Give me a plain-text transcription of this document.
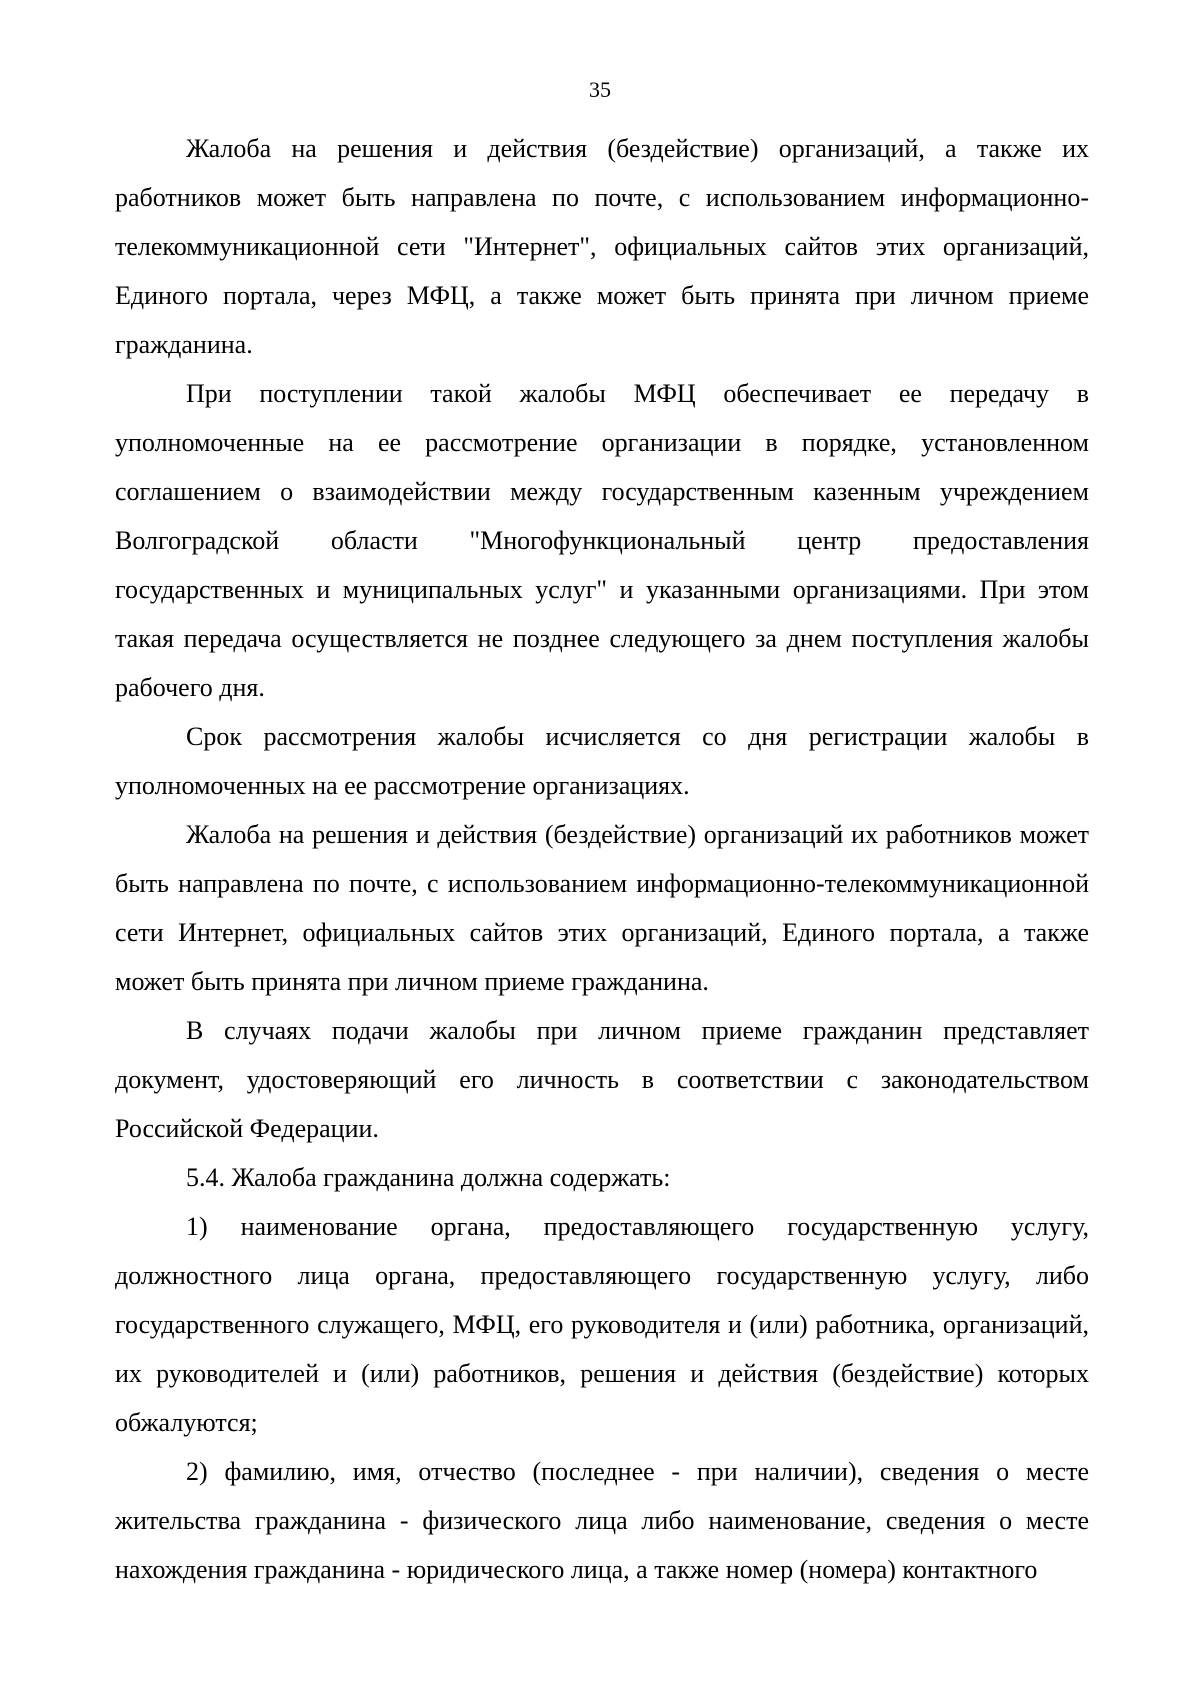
35

Жалоба на решения и действия (бездействие) организаций, а также их работников может быть направлена по почте, с использованием информационно-телекоммуникационной сети "Интернет", официальных сайтов этих организаций, Единого портала, через МФЦ, а также может быть принята при личном приеме гражданина.

При поступлении такой жалобы МФЦ обеспечивает ее передачу в уполномоченные на ее рассмотрение организации в порядке, установленном соглашением о взаимодействии между государственным казенным учреждением Волгоградской области "Многофункциональный центр предоставления государственных и муниципальных услуг" и указанными организациями. При этом такая передача осуществляется не позднее следующего за днем поступления жалобы рабочего дня.

Срок рассмотрения жалобы исчисляется со дня регистрации жалобы в уполномоченных на ее рассмотрение организациях.

Жалоба на решения и действия (бездействие) организаций их работников может быть направлена по почте, с использованием информационно-телекоммуникационной сети Интернет, официальных сайтов этих организаций, Единого портала, а также может быть принята при личном приеме гражданина.

В случаях подачи жалобы при личном приеме гражданин представляет документ, удостоверяющий его личность в соответствии с законодательством Российской Федерации.

5.4. Жалоба гражданина должна содержать:

1) наименование органа, предоставляющего государственную услугу, должностного лица органа, предоставляющего государственную услугу, либо государственного служащего, МФЦ, его руководителя и (или) работника, организаций, их руководителей и (или) работников, решения и действия (бездействие) которых обжалуются;

2) фамилию, имя, отчество (последнее - при наличии), сведения о месте жительства гражданина - физического лица либо наименование, сведения о месте нахождения гражданина - юридического лица, а также номер (номера) контактного
